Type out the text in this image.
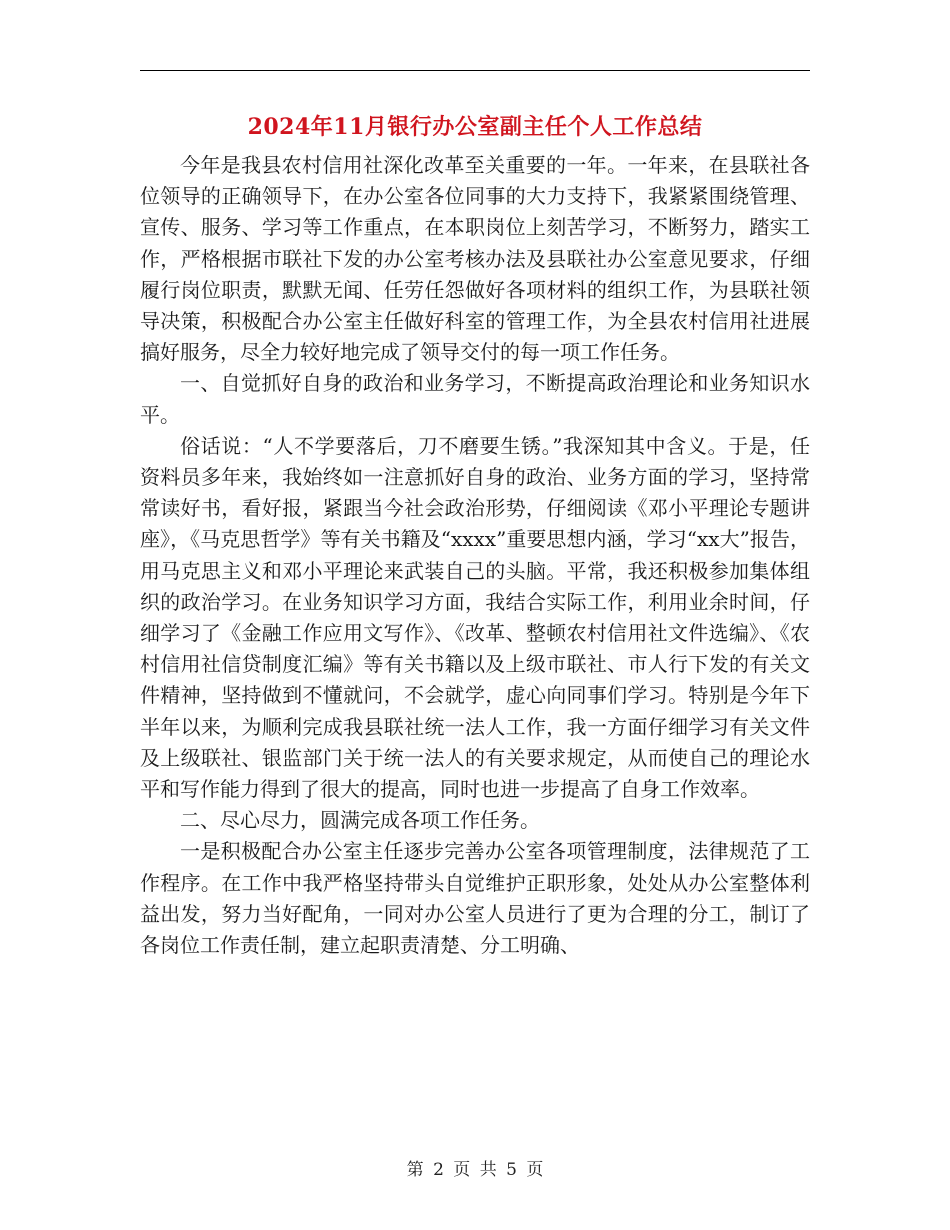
2024年11月银行办公室副主任个人工作总结

今年是我县农村信用社深化改革至关重要的一年。一年来，在县联社各位领导的正确领导下，在办公室各位同事的大力支持下，我紧紧围绕管理、宣传、服务、学习等工作重点，在本职岗位上刻苦学习，不断努力，踏实工作，严格根据市联社下发的办公室考核办法及县联社办公室意见要求，仔细履行岗位职责，默默无闻、任劳任怨做好各项材料的组织工作，为县联社领导决策，积极配合办公室主任做好科室的管理工作，为全县农村信用社进展搞好服务，尽全力较好地完成了领导交付的每一项工作任务。

一、自觉抓好自身的政治和业务学习，不断提高政治理论和业务知识水平。

俗话说：“人不学要落后，刀不磨要生锈。”我深知其中含义。于是，任资料员多年来，我始终如一注意抓好自身的政治、业务方面的学习，坚持常常读好书，看好报，紧跟当今社会政治形势，仔细阅读《邓小平理论专题讲座》，《马克思哲学》等有关书籍及“xxxx”重要思想内涵，学习“xx大”报告，用马克思主义和邓小平理论来武装自己的头脑。平常，我还积极参加集体组织的政治学习。在业务知识学习方面，我结合实际工作，利用业余时间，仔细学习了《金融工作应用文写作》、《改革、整顿农村信用社文件选编》、《农村信用社信贷制度汇编》等有关书籍以及上级市联社、市人行下发的有关文件精神，坚持做到不懂就问，不会就学，虚心向同事们学习。特别是今年下半年以来，为顺利完成我县联社统一法人工作，我一方面仔细学习有关文件及上级联社、银监部门关于统一法人的有关要求规定，从而使自己的理论水平和写作能力得到了很大的提高，同时也进一步提高了自身工作效率。

二、尽心尽力，圆满完成各项工作任务。

一是积极配合办公室主任逐步完善办公室各项管理制度，法律规范了工作程序。在工作中我严格坚持带头自觉维护正职形象，处处从办公室整体利益出发，努力当好配角，一同对办公室人员进行了更为合理的分工，制订了各岗位工作责任制，建立起职责清楚、分工明确、

第 2 页 共 5 页
